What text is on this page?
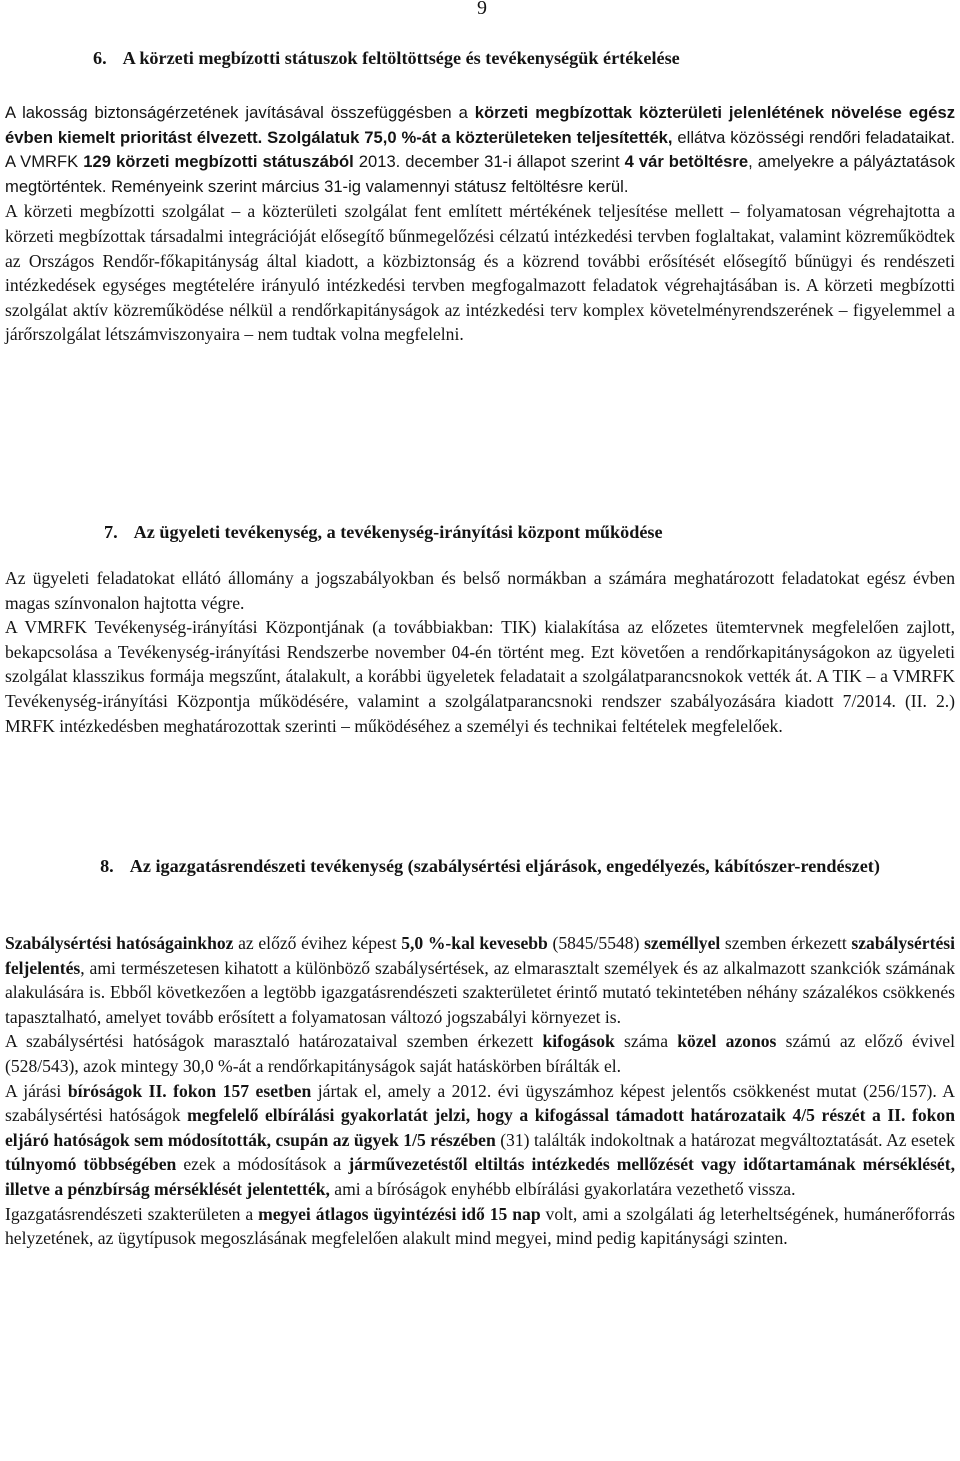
9
6. A körzeti megbízotti státuszok feltöltöttsége és tevékenységük értékelése

A lakosság biztonságérzetének javításával összefüggésben a körzeti megbízottak közterületi jelenlétének növelése egész évben kiemelt prioritást élvezett. Szolgálatuk 75,0 %-át a közterületeken teljesítették, ellátva közösségi rendőri feladataikat. A VMRFK 129 körzeti megbízotti státuszából 2013. december 31-i állapot szerint 4 vár betöltésre, amelyekre a pályáztatások megtörténtek. Reményeink szerint március 31-ig valamennyi státusz feltöltésre kerül.

A körzeti megbízotti szolgálat – a közterületi szolgálat fent említett mértékének teljesítése mellett – folyamatosan végrehajtotta a körzeti megbízottak társadalmi integrációját elősegítő bűnmegelőzési célzatú intézkedési tervben foglaltakat, valamint közreműködtek az Országos Rendőr-főkapitányság által kiadott, a közbiztonság és a közrend további erősítését elősegítő bűnügyi és rendészeti intézkedések egységes megtételére irányuló intézkedési tervben megfogalmazott feladatok végrehajtásában is. A körzeti megbízotti szolgálat aktív közreműködése nélkül a rendőrkapitányságok az intézkedési terv komplex követelményrendszerének – figyelemmel a járőrszolgálat létszámviszonyaira – nem tudtak volna megfelelni.

7. Az ügyeleti tevékenység, a tevékenység-irányítási központ működése

Az ügyeleti feladatokat ellátó állomány a jogszabályokban és belső normákban a számára meghatározott feladatokat egész évben magas színvonalon hajtotta végre.

A VMRFK Tevékenység-irányítási Központjának (a továbbiakban: TIK) kialakítása az előzetes ütemtervnek megfelelően zajlott, bekapcsolása a Tevékenység-irányítási Rendszerbe november 04-én történt meg. Ezt követően a rendőrkapitányságokon az ügyeleti szolgálat klasszikus formája megszűnt, átalakult, a korábbi ügyeletek feladatait a szolgálatparancsnokok vették át. A TIK – a VMRFK Tevékenység-irányítási Központja működésére, valamint a szolgálatparancsnoki rendszer szabályozására kiadott 7/2014. (II. 2.) MRFK intézkedésben meghatározottak szerinti – működéséhez a személyi és technikai feltételek megfelelőek.

8. Az igazgatásrendészeti tevékenység (szabálysértési eljárások, engedélyezés, kábítószer-rendészet)

Szabálysértési hatóságainkhoz az előző évihez képest 5,0 %-kal kevesebb (5845/5548) személlyel szemben érkezett szabálysértési feljelentés, ami természetesen kihatott a különböző szabálysértések, az elmarasztalt személyek és az alkalmazott szankciók számának alakulására is. Ebből következően a legtöbb igazgatásrendészeti szakterületet érintő mutató tekintetében néhány százalékos csökkenés tapasztalható, amelyet tovább erősített a folyamatosan változó jogszabályi környezet is.

A szabálysértési hatóságok marasztaló határozataival szemben érkezett kifogások száma közel azonos számú az előző évivel (528/543), azok mintegy 30,0 %-át a rendőrkapitányságok saját hatáskörben bírálták el.

A járási bíróságok II. fokon 157 esetben jártak el, amely a 2012. évi ügyszámhoz képest jelentős csökkenést mutat (256/157). A szabálysértési hatóságok megfelelő elbírálási gyakorlatát jelzi, hogy a kifogással támadott határozataik 4/5 részét a II. fokon eljáró hatóságok sem módosították, csupán az ügyek 1/5 részében (31) találták indokoltnak a határozat megváltoztatását. Az esetek túlnyomó többségében ezek a módosítások a járművezetéstől eltiltás intézkedés mellőzését vagy időtartamának mérséklését, illetve a pénzbírság mérséklését jelentették, ami a bíróságok enyhébb elbírálási gyakorlatára vezethető vissza.

Igazgatásrendészeti szakterületen a megyei átlagos ügyintézési idő 15 nap volt, ami a szolgálati ág leterheltségének, humánerőforrás helyzetének, az ügytípusok megoszlásának megfelelően alakult mind megyei, mind pedig kapitánysági szinten.
